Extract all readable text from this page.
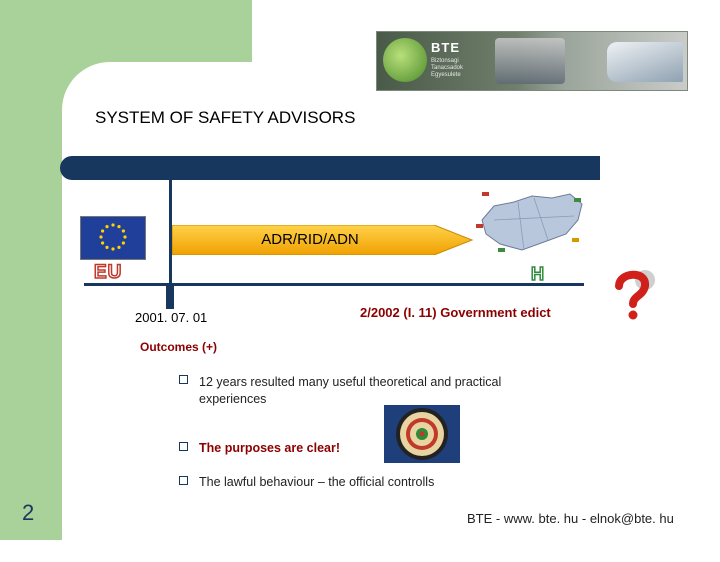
BTE
Biztonsagi Tanacsadok Egyesulete
SYSTEM OF SAFETY ADVISORS
EU
ADR/RID/ADN
H
2001. 07. 01	2/2002 (I. 11) Government edict
Outcomes (+)
12 years resulted many useful theoretical and practical experiences
The purposes are clear!
The lawful behaviour – the official controlls
2	BTE - www. bte. hu - elnok@bte. hu
